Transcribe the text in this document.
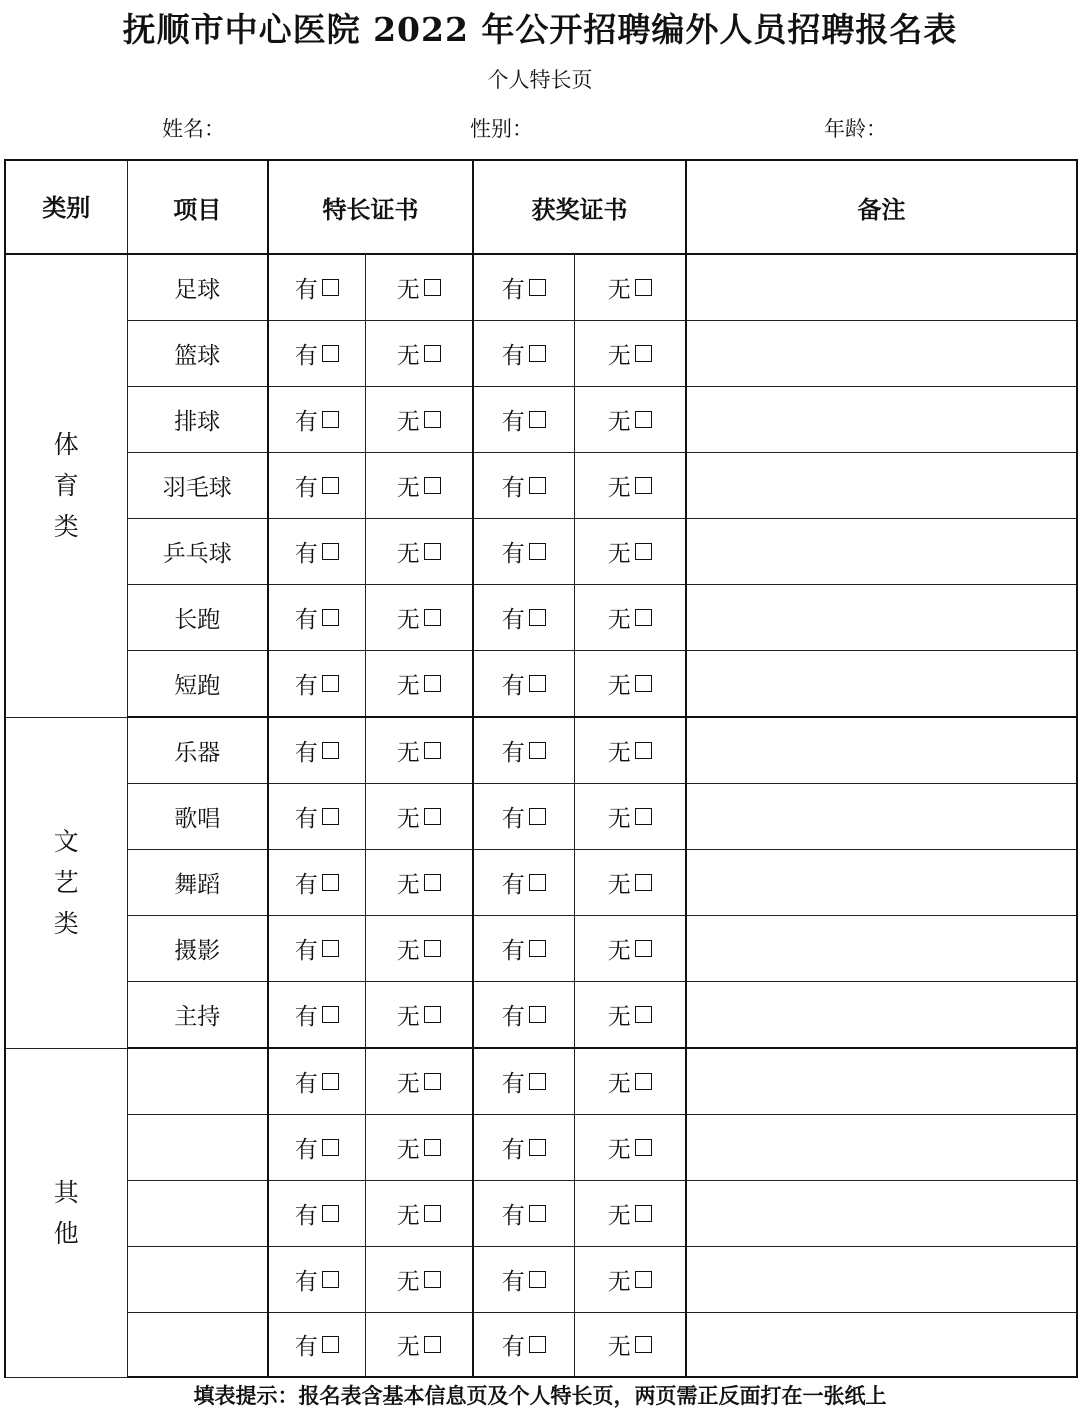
抚顺市中心医院 2022 年公开招聘编外人员招聘报名表
个人特长页
姓名：	性别：	年龄：
类别	项目	特长证书		获奖证书		备注

体育类	足球	有	无	有	无	

	篮球	有	无	有	无	

	排球	有	无	有	无	

	羽毛球	有	无	有	无	

	乒乓球	有	无	有	无	

	长跑	有	无	有	无	

	短跑	有	无	有	无	

文艺类	乐器	有	无	有	无	

	歌唱	有	无	有	无	

	舞蹈	有	无	有	无	

	摄影	有	无	有	无	

	主持	有	无	有	无	

其他		有	无	有	无	

		有	无	有	无	

		有	无	有	无	

		有	无	有	无	

		有	无	有	无	

填表提示：报名表含基本信息页及个人特长页，两页需正反面打在一张纸上
